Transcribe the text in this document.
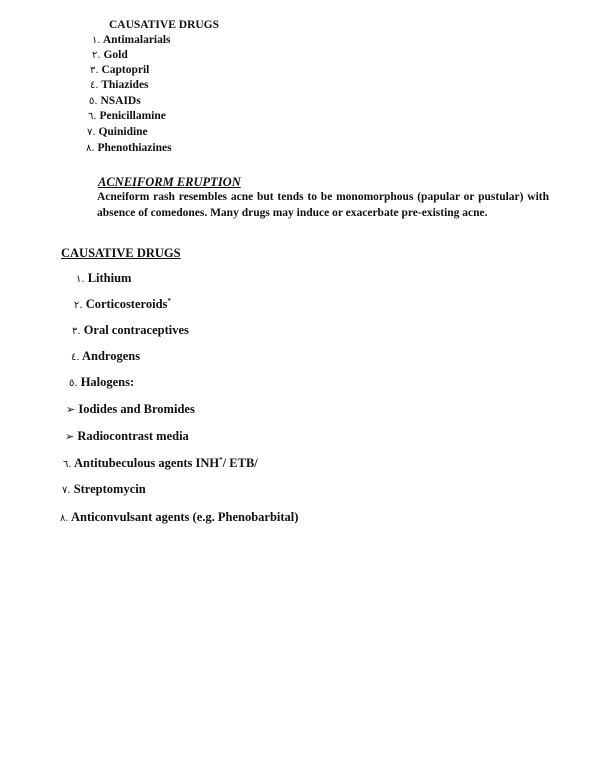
CAUSATIVE DRUGS
١. Antimalarials
٢. Gold
٣. Captopril
٤. Thiazides
٥. NSAIDs
٦. Penicillamine
٧. Quinidine
٨. Phenothiazines
ACNEIFORM ERUPTION
Acneiform rash resembles acne but tends to be monomorphous (papular or pustular) with absence of comedones. Many drugs may induce or exacerbate pre-existing acne.
CAUSATIVE DRUGS
١. Lithium
٢. Corticosteroids*
٣. Oral contraceptives
٤. Androgens
٥. Halogens:
➢ Iodides and Bromides
➢ Radiocontrast media
٦. Antitubeculous agents INH*/ ETB/
٧. Streptomycin
٨. Anticonvulsant agents (e.g. Phenobarbital)
